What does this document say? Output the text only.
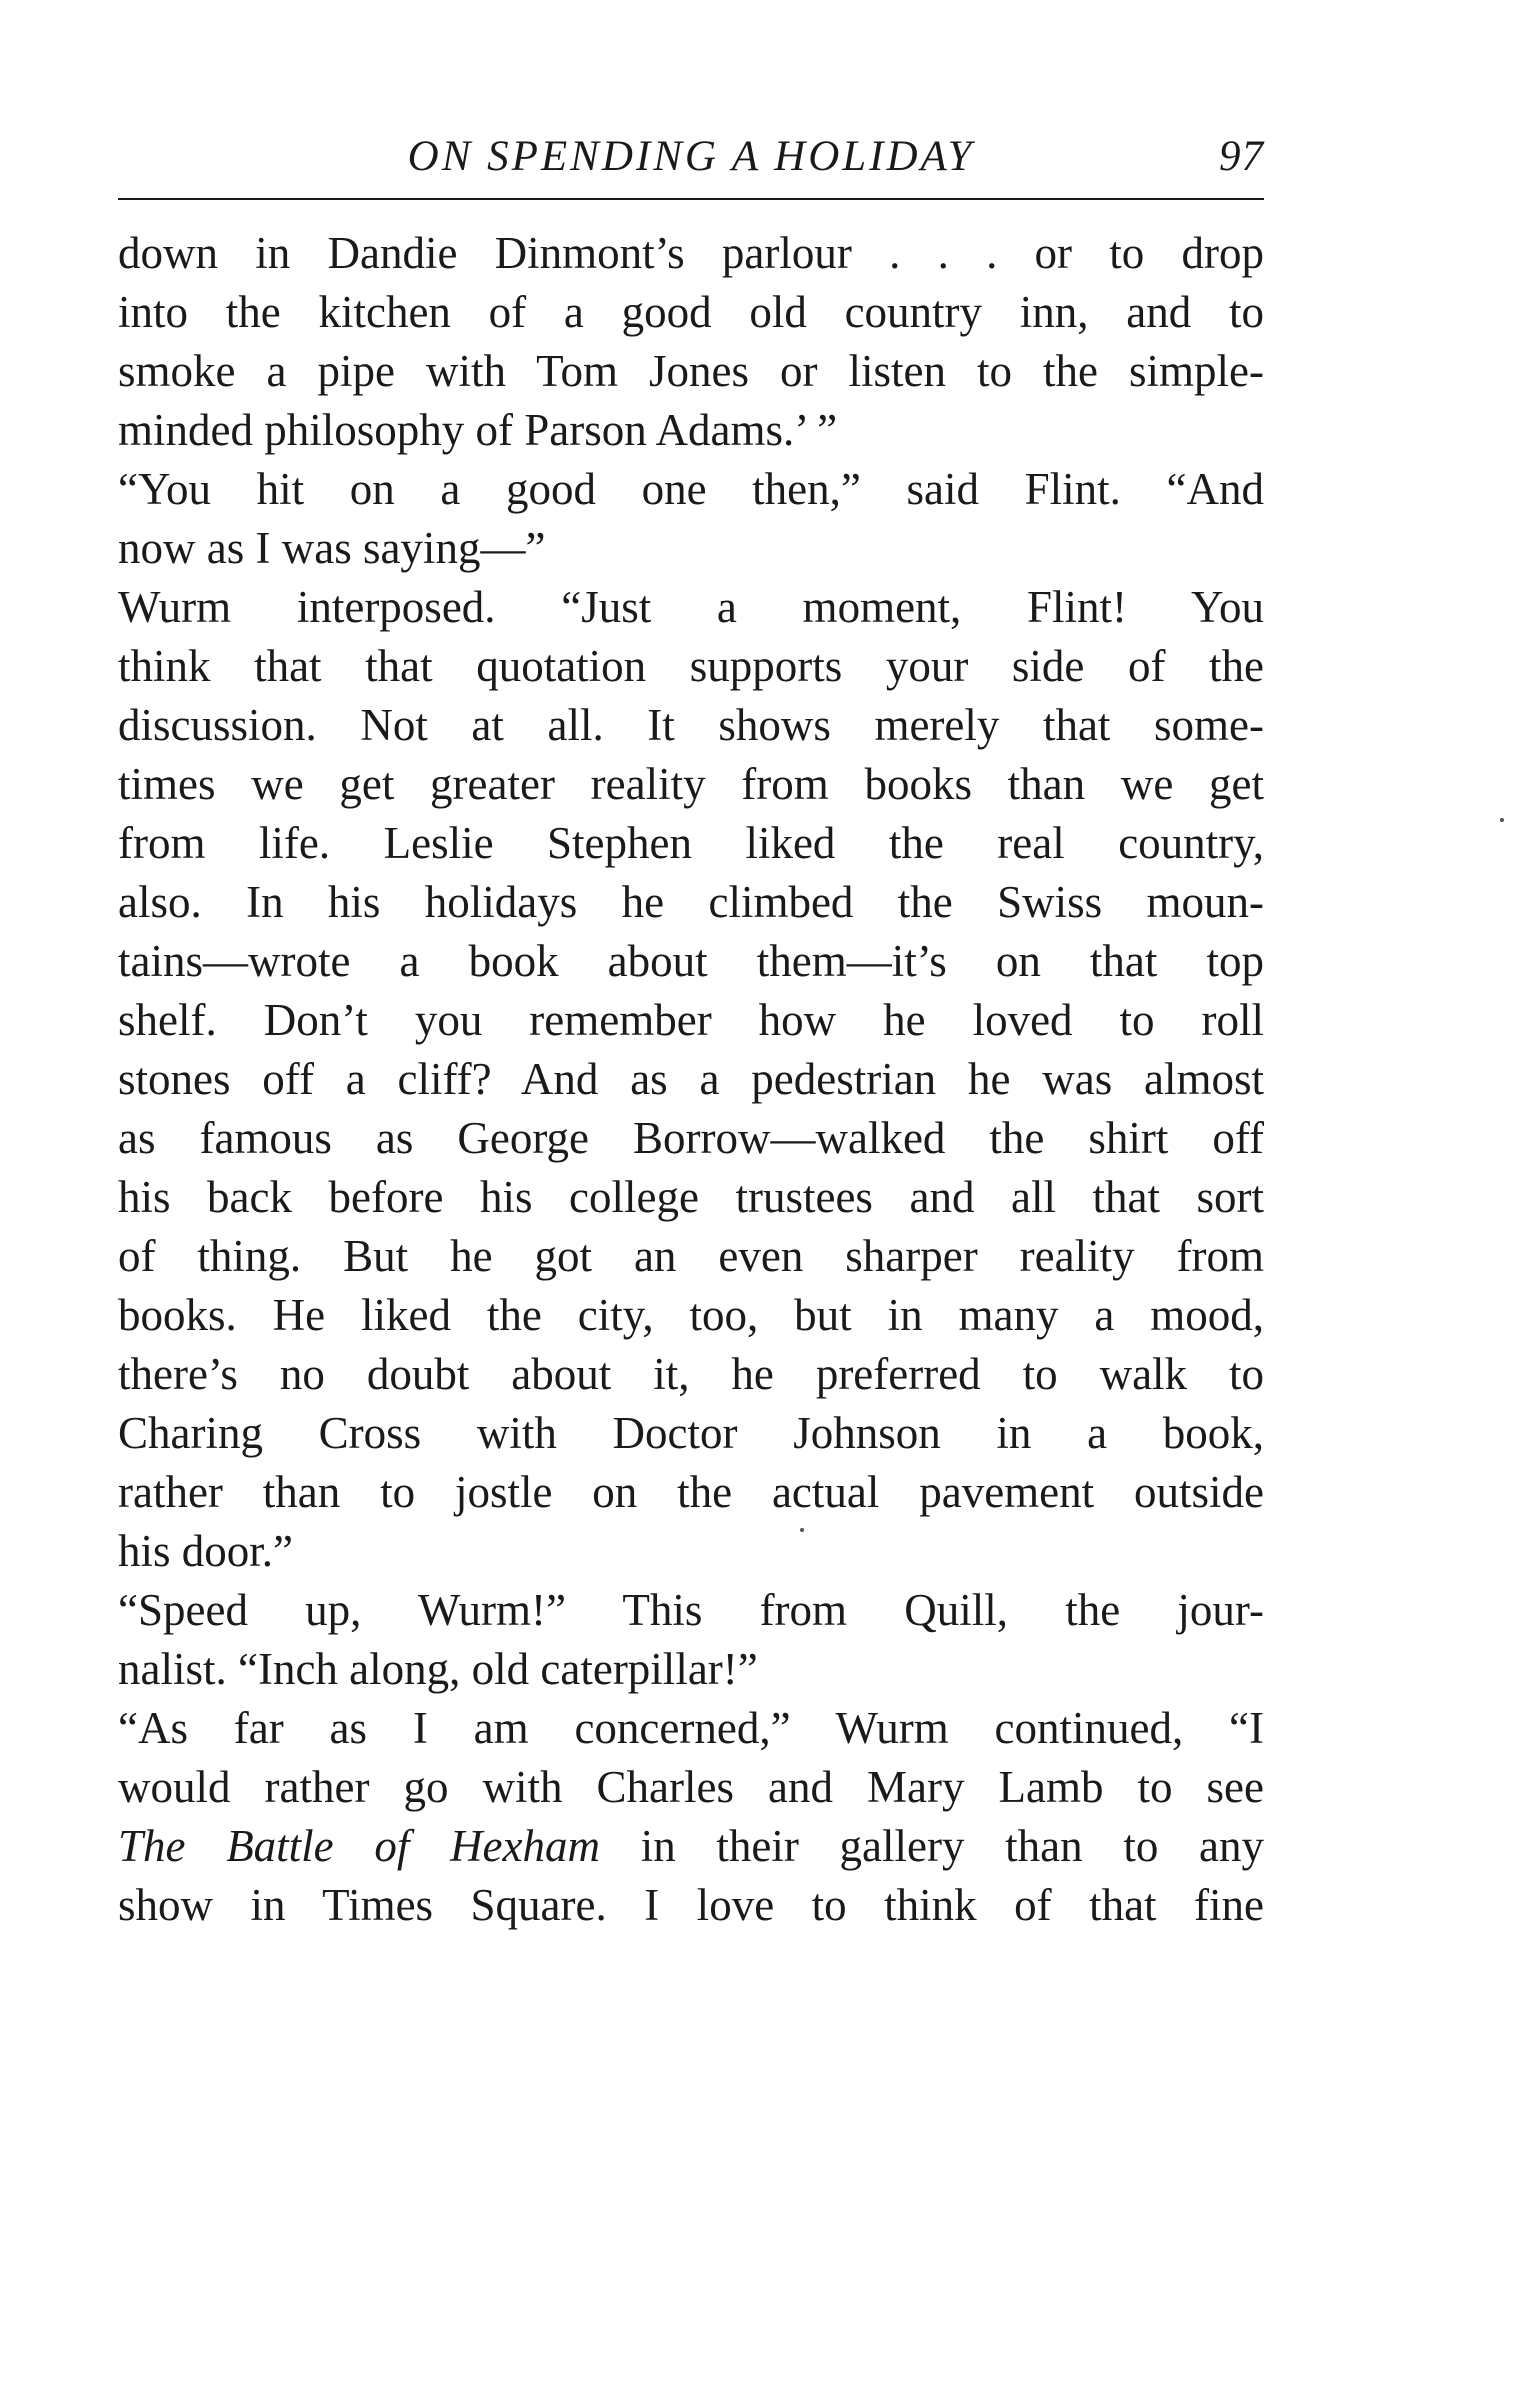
ON SPENDING A HOLIDAY	97
down in Dandie Dinmont’s parlour . . . or to drop
into the kitchen of a good old country inn, and to
smoke a pipe with Tom Jones or listen to the simple-
minded philosophy of Parson Adams.’ ”
“You hit on a good one then,” said Flint. “And
now as I was saying—”
Wurm interposed. “Just a moment, Flint! You
think that that quotation supports your side of the
discussion. Not at all. It shows merely that some-
times we get greater reality from books than we get
from life. Leslie Stephen liked the real country,
also. In his holidays he climbed the Swiss moun-
tains—wrote a book about them—it’s on that top
shelf. Don’t you remember how he loved to roll
stones off a cliff? And as a pedestrian he was almost
as famous as George Borrow—walked the shirt off
his back before his college trustees and all that sort
of thing. But he got an even sharper reality from
books. He liked the city, too, but in many a mood,
there’s no doubt about it, he preferred to walk to
Charing Cross with Doctor Johnson in a book,
rather than to jostle on the actual pavement outside
his door.”
“Speed up, Wurm!” This from Quill, the jour-
nalist. “Inch along, old caterpillar!”
“As far as I am concerned,” Wurm continued, “I
would rather go with Charles and Mary Lamb to see
The Battle of Hexham in their gallery than to any
show in Times Square. I love to think of that fine
